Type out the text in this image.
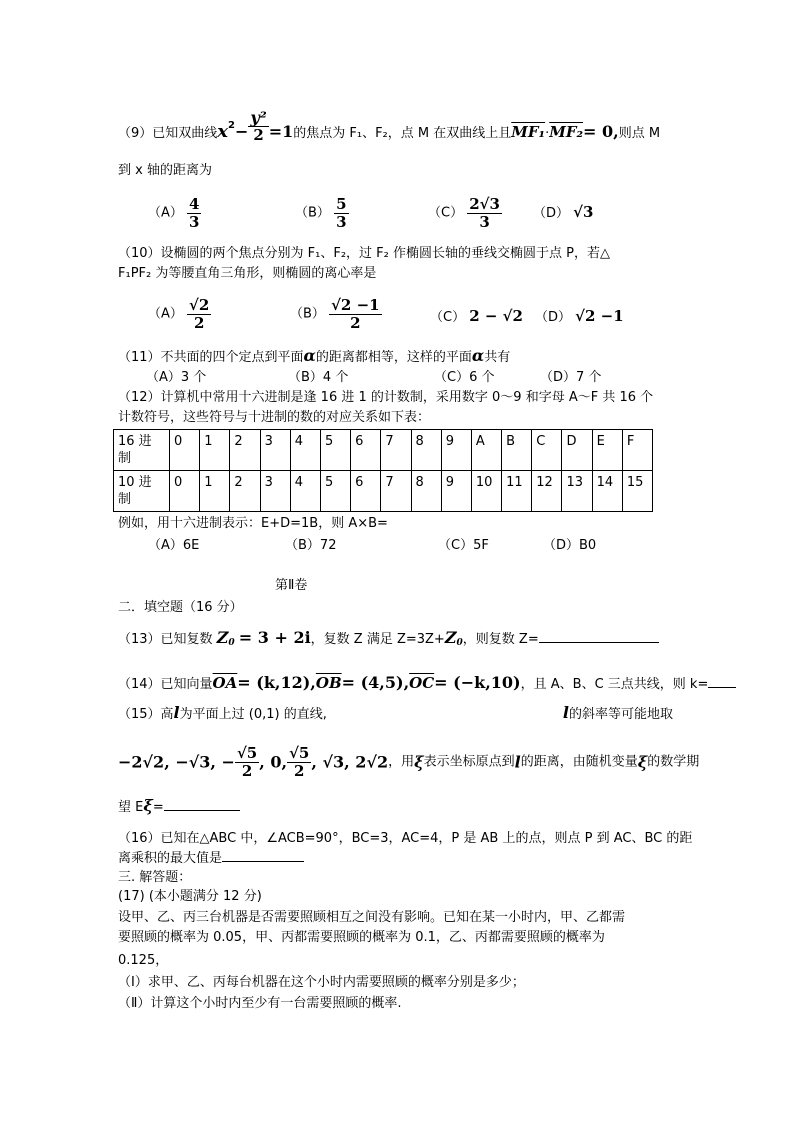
（9）已知双曲线$x^2- \frac{\text{y²}}{2} =1$的焦点为 F₁、F₂，点 M 在双曲线上且MF₁·MF₂= 0,则点 M
到 x 轴的距离为
$(A) \frac{4}{3}$	$(B) \frac{5}{3}$	$(C) \frac{2√3}{3} (D)$ √3
（10）设椭圆的两个焦点分别为 F₁、F₂，过 F₂ 作椭圆长轴的垂线交椭圆于点 P，若△
F₁PF₂ 为等腰直角三角形，则椭圆的离心率是
$(A) \frac{√2}{2}$	$(B) \frac{√2 -1}{2}$	（C） 2 − √2 （D） √2 −1
（11）不共面的四个定点到平面α的距离都相等，这样的平面α共有
（A）3 个	（B）4 个	（C）6 个	（D）7 个
（12）计算机中常用十六进制是逢 16 进 1 的计数制，采用数字 0～9 和字母 A～F 共 16 个
计数符号，这些符号与十进制的数的对应关系如下表：
16 进
制	0	1	2	3	4	5	6	7	8	9	A	B	C	D	E	F
10 进
制	0	1	2	3	4	5	6	7	8	9	10	11	12	13	14	15
例如，用十六进制表示：E+D=1B，则 A×B=
（A）6E	（B）72	（C）5F	（D）B0
第Ⅱ卷
二．填空题（16 分）
（13）已知复数 $Z_0 = 3 + 2i$，复数 Z 满足 $Z=3Z+Z_0$，则复数 Z=
（14）已知向量$\overline{OA}= (k,12),\overline{OB}= (4,5),\overline{OC}= (-k,10)$，且 A、B、C 三点共线，则 k=
（15）高l为平面上过 (0,1) 的直线,	l的斜率等可能地取
−2√2, −√3, − $\frac{√5}{2}$ , 0, $\frac{√5}{2}$ , √3, 2√2，用ξ表示坐标原点到l的距离，由随机变量ξ的数学期
望 Eξ=
（16）已知在△ABC 中，∠ACB=90°，BC=3，AC=4，P 是 AB 上的点，则点 P 到 AC、BC 的距
离乘积的最大值是
三. 解答题：
(17) (本小题满分 12 分)
设甲、乙、丙三台机器是否需要照顾相互之间没有影响。已知在某一小时内，甲、乙都需
要照顾的概率为 0.05，甲、丙都需要照顾的概率为 0.1，乙、丙都需要照顾的概率为
0.125，
（Ⅰ）求甲、乙、丙每台机器在这个小时内需要照顾的概率分别是多少；
（Ⅱ）计算这个小时内至少有一台需要照顾的概率.
